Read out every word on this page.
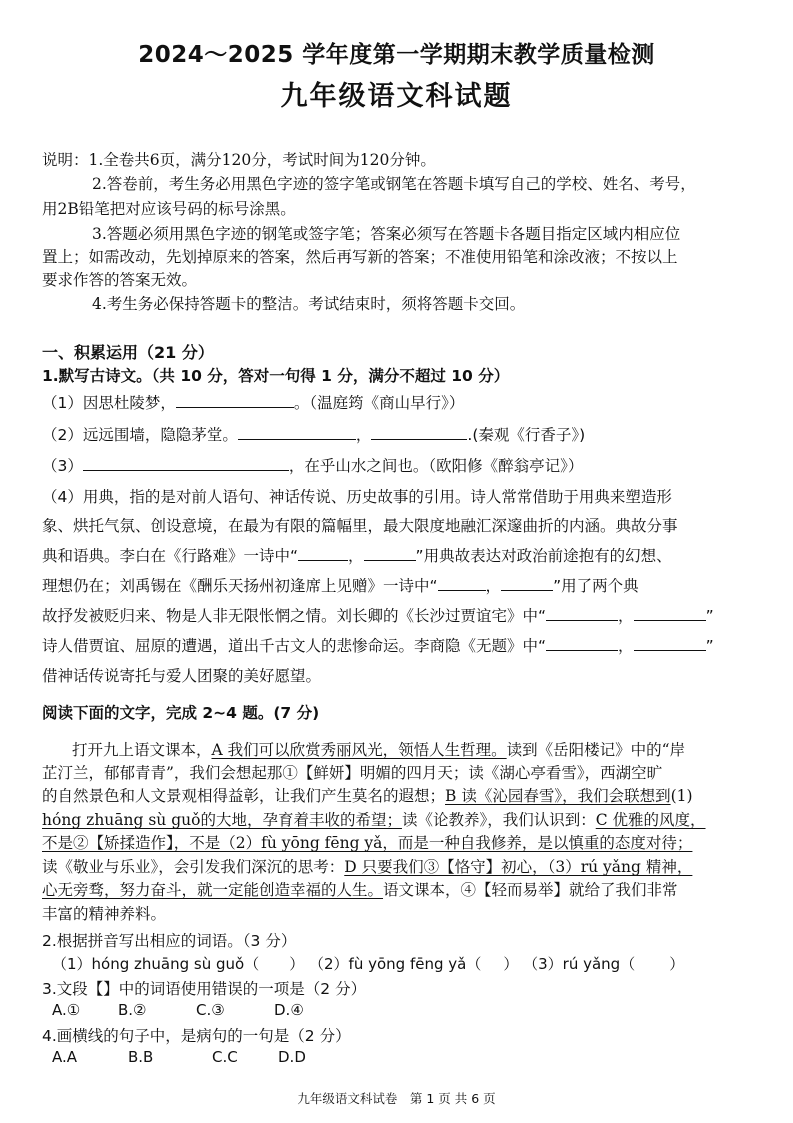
2024～2025 学年度第一学期期末教学质量检测
九年级语文科试题
说明：1.全卷共6页，满分120分，考试时间为120分钟。
2.答卷前，考生务必用黑色字迹的签字笔或钢笔在答题卡填写自己的学校、姓名、考号，
用2B铅笔把对应该号码的标号涂黑。
3.答题必须用黑色字迹的钢笔或签字笔；答案必须写在答题卡各题目指定区域内相应位
置上；如需改动，先划掉原来的答案，然后再写新的答案；不准使用铅笔和涂改液；不按以上
要求作答的答案无效。
4.考生务必保持答题卡的整洁。考试结束时，须将答题卡交回。
一、积累运用（21 分）
1.默写古诗文。（共 10 分，答对一句得 1 分，满分不超过 10 分）
（1）因思杜陵梦，	。（温庭筠《商山早行》）
（2）远远围墙，隐隐茅堂。	，	.(秦观《行香子》)
（3）	，在乎山水之间也。（欧阳修《醉翁亭记》）
（4）用典，指的是对前人语句、神话传说、历史故事的引用。诗人常常借助于用典来塑造形
象、烘托气氛、创设意境，在最为有限的篇幅里，最大限度地融汇深邃曲折的内涵。典故分事
典和语典。李白在《行路难》一诗中“	，	”用典故表达对政治前途抱有的幻想、
理想仍在；刘禹锡在《酬乐天扬州初逢席上见赠》一诗中“	，	”用了两个典
故抒发被贬归来、物是人非无限怅惘之情。刘长卿的《长沙过贾谊宅》中“	，	”
诗人借贾谊、屈原的遭遇，道出千古文人的悲惨命运。李商隐《无题》中“	，	”
借神话传说寄托与爱人团聚的美好愿望。
阅读下面的文字，完成 2~4 题。(7 分)
打开九上语文课本，A 我们可以欣赏秀丽风光，领悟人生哲理。读到《岳阳楼记》中的“岸
芷汀兰，郁郁青青”，我们会想起那①【鲜妍】明媚的四月天；读《湖心亭看雪》，西湖空旷
的自然景色和人文景观相得益彰，让我们产生莫名的遐想；B 读《沁园春雪》，我们会联想到(1)
hóng zhuāng sù guǒ的大地，孕育着丰收的希望；读《论教养》，我们认识到：C 优雅的风度，
不是②【矫揉造作】，不是（2）fù yōng fēng yǎ，而是一种自我修养，是以慎重的态度对待；
读《敬业与乐业》，会引发我们深沉的思考：D 只要我们③【恪守】初心，（3）rú yǎng 精神，
心无旁骛，努力奋斗，就一定能创造幸福的人生。语文课本，④【轻而易举】就给了我们非常
丰富的精神养料。
2.根据拼音写出相应的词语。（3 分）
（1）hóng zhuāng sù guǒ（ ） （2）fù yōng fēng yǎ（ ） （3）rú yǎng（ ）
3.文段【】中的词语使用错误的一项是（2 分）
A.①	B.②	C.③	D.④
4.画横线的句子中，是病句的一句是（2 分）
A.A	B.B	C.C	D.D
九年级语文科试卷　第 1 页 共 6 页
